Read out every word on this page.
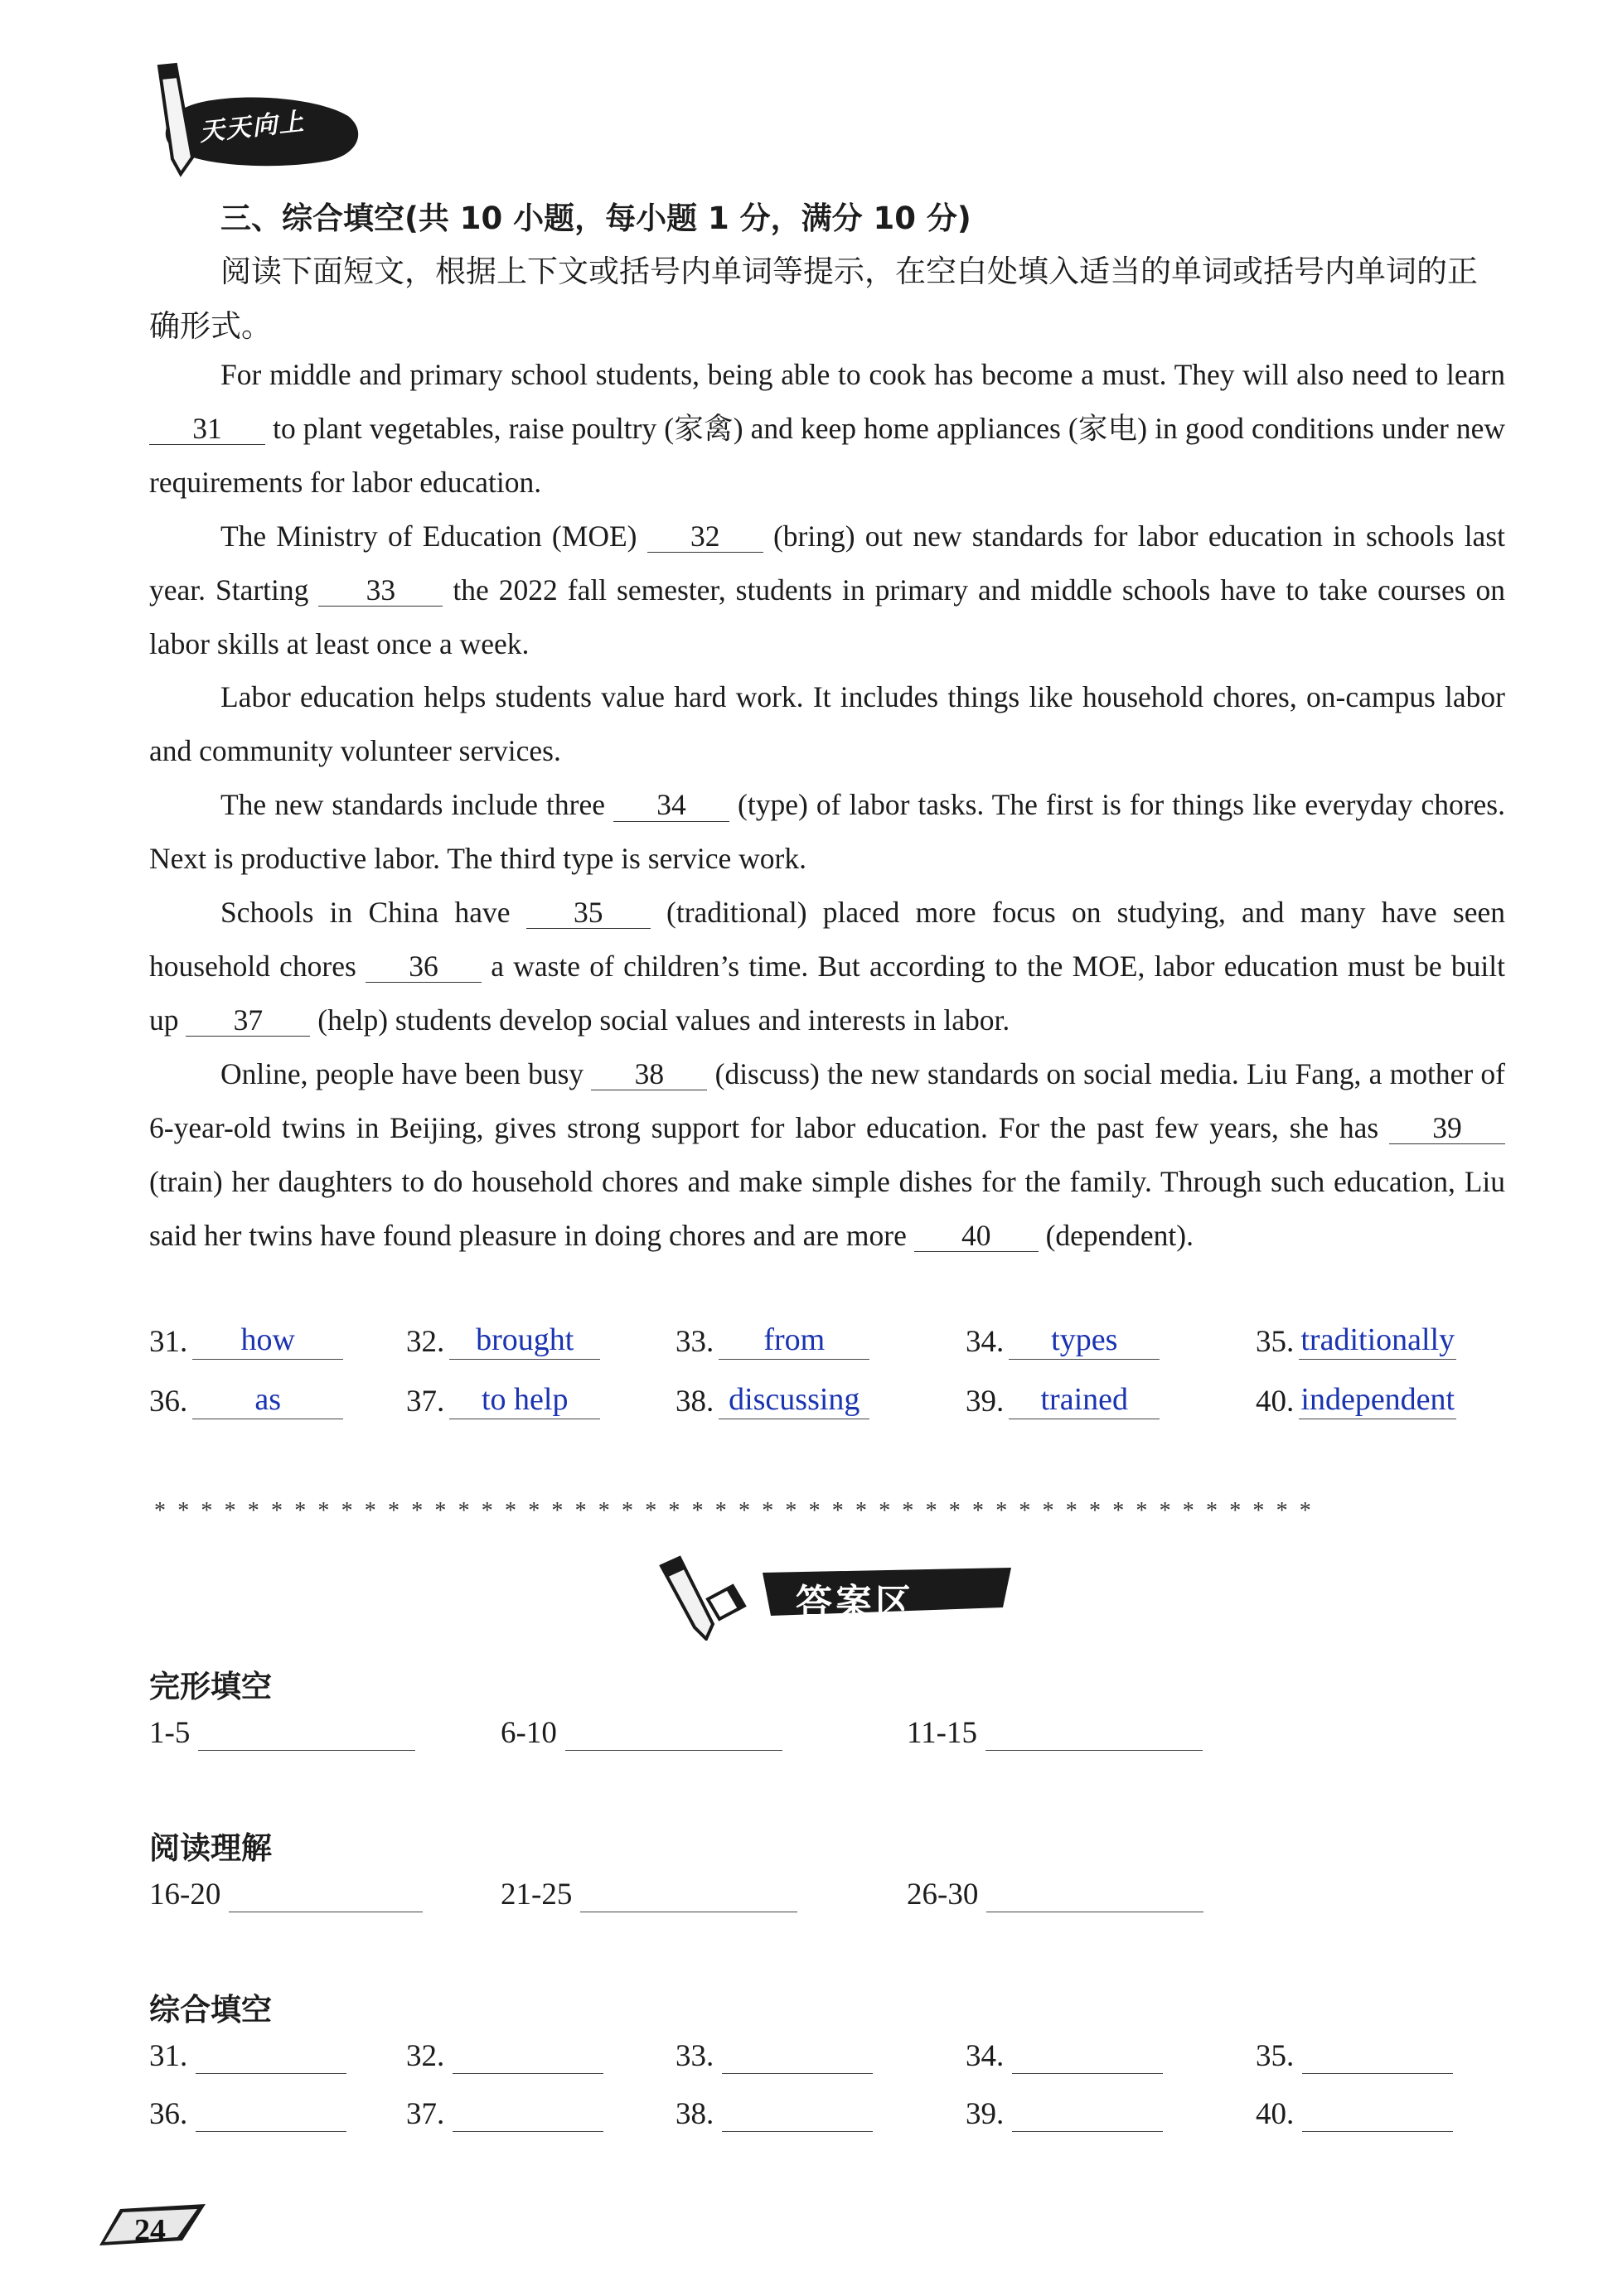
天天向上
三、综合填空(共 10 小题，每小题 1 分，满分 10 分)
阅读下面短文，根据上下文或括号内单词等提示，在空白处填入适当的单词或括号内单词的正确形式。

For middle and primary school students, being able to cook has become a must. They will also need to learn 31 to plant vegetables, raise poultry (家禽) and keep home appliances (家电) in good conditions under new requirements for labor education.

The Ministry of Education (MOE) 32 (bring) out new standards for labor education in schools last year. Starting 33 the 2022 fall semester, students in primary and middle schools have to take courses on labor skills at least once a week.

Labor education helps students value hard work. It includes things like household chores, on-campus labor and community volunteer services.

The new standards include three 34 (type) of labor tasks. The first is for things like everyday chores. Next is productive labor. The third type is service work.

Schools in China have 35 (traditional) placed more focus on studying, and many have seen household chores 36 a waste of children’s time. But according to the MOE, labor education must be built up 37 (help) students develop social values and interests in labor.

Online, people have been busy 38 (discuss) the new standards on social media. Liu Fang, a mother of 6-year-old twins in Beijing, gives strong support for labor education. For the past few years, she has 39 (train) her daughters to do household chores and make simple dishes for the family. Through such education, Liu said her twins have found pleasure in doing chores and are more 40 (dependent).

31. how	32. brought	33. from	34. types	35. traditionally
36. as	37. to help	38. discussing	39. trained	40. independent
**************************************************
答案区
完形填空
1-5	6-10	11-15
阅读理解
16-20	21-25	26-30
综合填空
31.	32.	33.	34.	35.
36.	37.	38.	39.	40.
24
